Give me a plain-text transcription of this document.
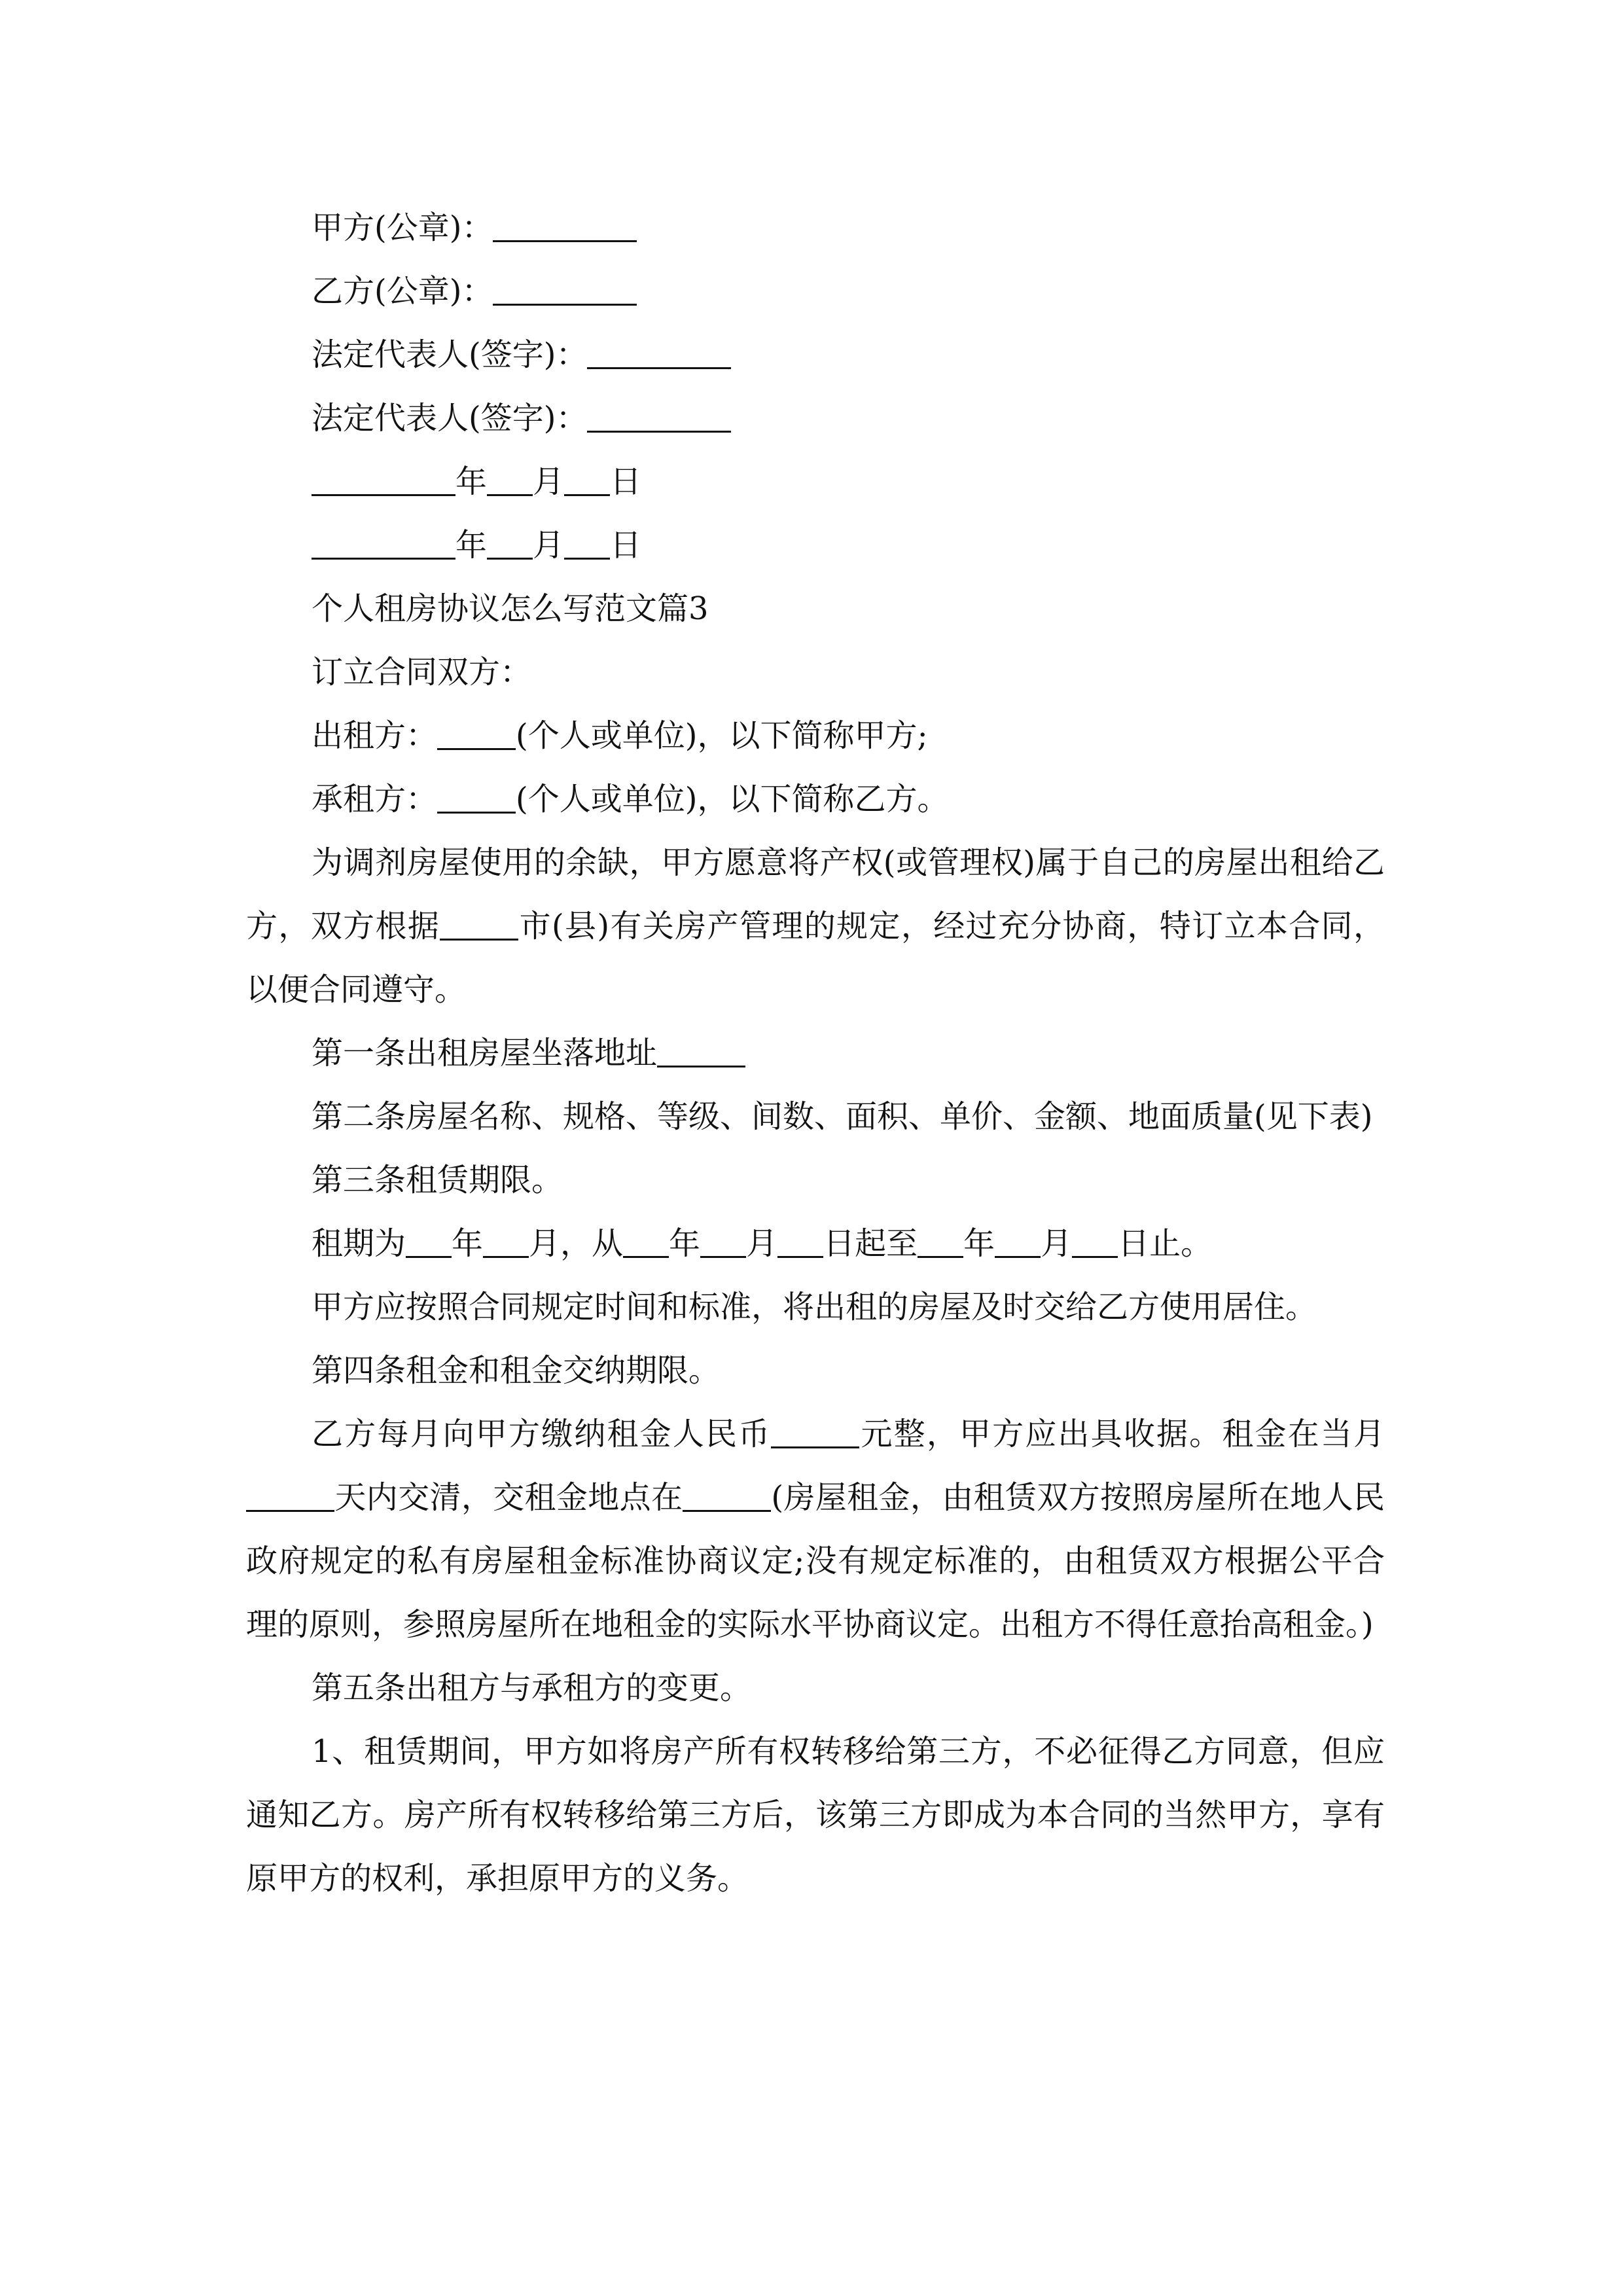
甲方(公章)：

乙方(公章)：

法定代表人(签字)：

法定代表人(签字)：

年 月 日

年 月 日

个人租房协议怎么写范文篇3

订立合同双方：

出租方：	(个人或单位)，以下简称甲方;

承租方：	(个人或单位)，以下简称乙方。

为调剂房屋使用的余缺，甲方愿意将产权(或管理权)属于自己的房屋出租给乙方，双方根据	市(县)有关房产管理的规定，经过充分协商，特订立本合同，以便合同遵守。

第一条出租房屋坐落地址

第二条房屋名称、规格、等级、间数、面积、单价、金额、地面质量(见下表)

第三条租赁期限。

租期为 年 月，从 年 月 日起至 年 月 日止。

甲方应按照合同规定时间和标准，将出租的房屋及时交给乙方使用居住。

第四条租金和租金交纳期限。

乙方每月向甲方缴纳租金人民币	元整，甲方应出具收据。租金在当月天内交清，交租金地点在	(房屋租金，由租赁双方按照房屋所在地人民政府规定的私有房屋租金标准协商议定;没有规定标准的，由租赁双方根据公平合理的原则，参照房屋所在地租金的实际水平协商议定。出租方不得任意抬高租金。)

第五条出租方与承租方的变更。

1、租赁期间，甲方如将房产所有权转移给第三方，不必征得乙方同意，但应通知乙方。房产所有权转移给第三方后，该第三方即成为本合同的当然甲方，享有原甲方的权利，承担原甲方的义务。
